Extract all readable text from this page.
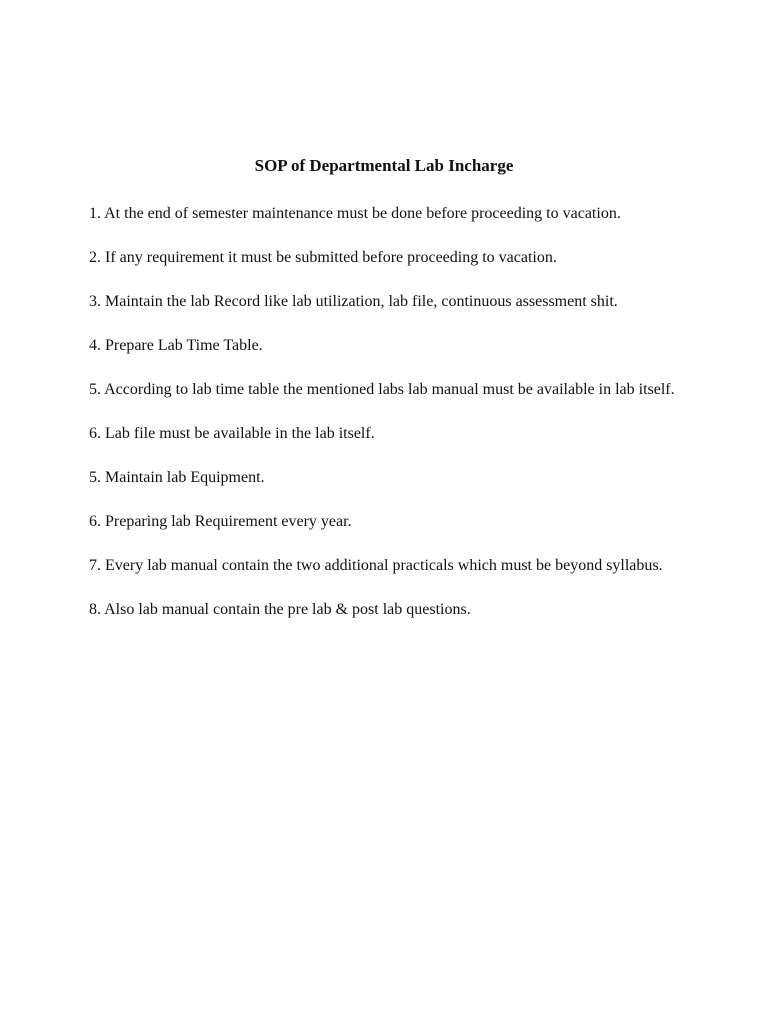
SOP of Departmental Lab Incharge
1. At the end of semester maintenance must be done before proceeding to vacation.
2. If any requirement it must be submitted before proceeding to vacation.
3. Maintain the lab Record like lab utilization, lab file, continuous assessment shit.
4. Prepare Lab Time Table.
5. According to lab time table the mentioned labs lab manual must be available in lab itself.
6. Lab file must be available in the lab itself.
5. Maintain lab Equipment.
6. Preparing lab Requirement every year.
7. Every lab manual contain the two additional practicals which must be beyond syllabus.
8. Also lab manual contain the pre lab & post lab questions.
